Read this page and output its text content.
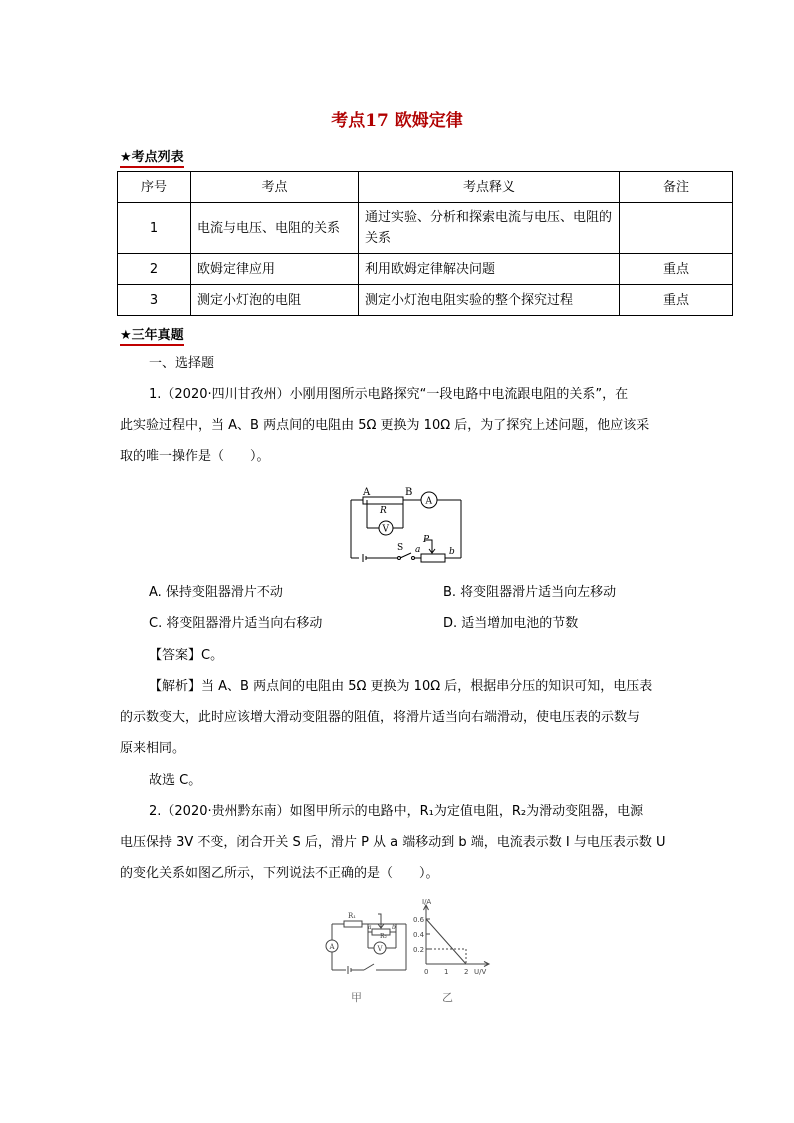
考点17 欧姆定律
★考点列表
序号	考点	考点释义	备注
1	电流与电压、电阻的关系	通过实验、分析和探索电流与电压、电阻的关系	
2	欧姆定律应用	利用欧姆定律解决问题	重点
3	测定小灯泡的电阻	测定小灯泡电阻实验的整个探究过程	重点
★三年真题
一、选择题
1.（2020·四川甘孜州）小刚用图所示电路探究“一段电路中电流跟电阻的关系”，在
此实验过程中，当 A、B 两点间的电阻由 5Ω 更换为 10Ω 后，为了探究上述问题，他应该采
取的唯一操作是（　　）。
A	B
R
V
A
S
P
a	b
A. 保持变阻器滑片不动	B. 将变阻器滑片适当向左移动
C. 将变阻器滑片适当向右移动	D. 适当增加电池的节数
【答案】C。
【解析】当 A、B 两点间的电阻由 5Ω 更换为 10Ω 后，根据串分压的知识可知，电压表
的示数变大，此时应该增大滑动变阻器的阻值，将滑片适当向右端滑动，使电压表的示数与
原来相同。
故选 C。
2.（2020·贵州黔东南）如图甲所示的电路中，R₁为定值电阻，R₂为滑动变阻器，电源
电压保持 3V 不变，闭合开关 S 后，滑片 P 从 a 端移动到 b 端，电流表示数 I 与电压表示数 U
的变化关系如图乙所示，下列说法不正确的是（　　）。
R₁
R₂
a	b
A	V
I/A
0.6
0.4
0.2
0 1 2 U/V
甲	乙
